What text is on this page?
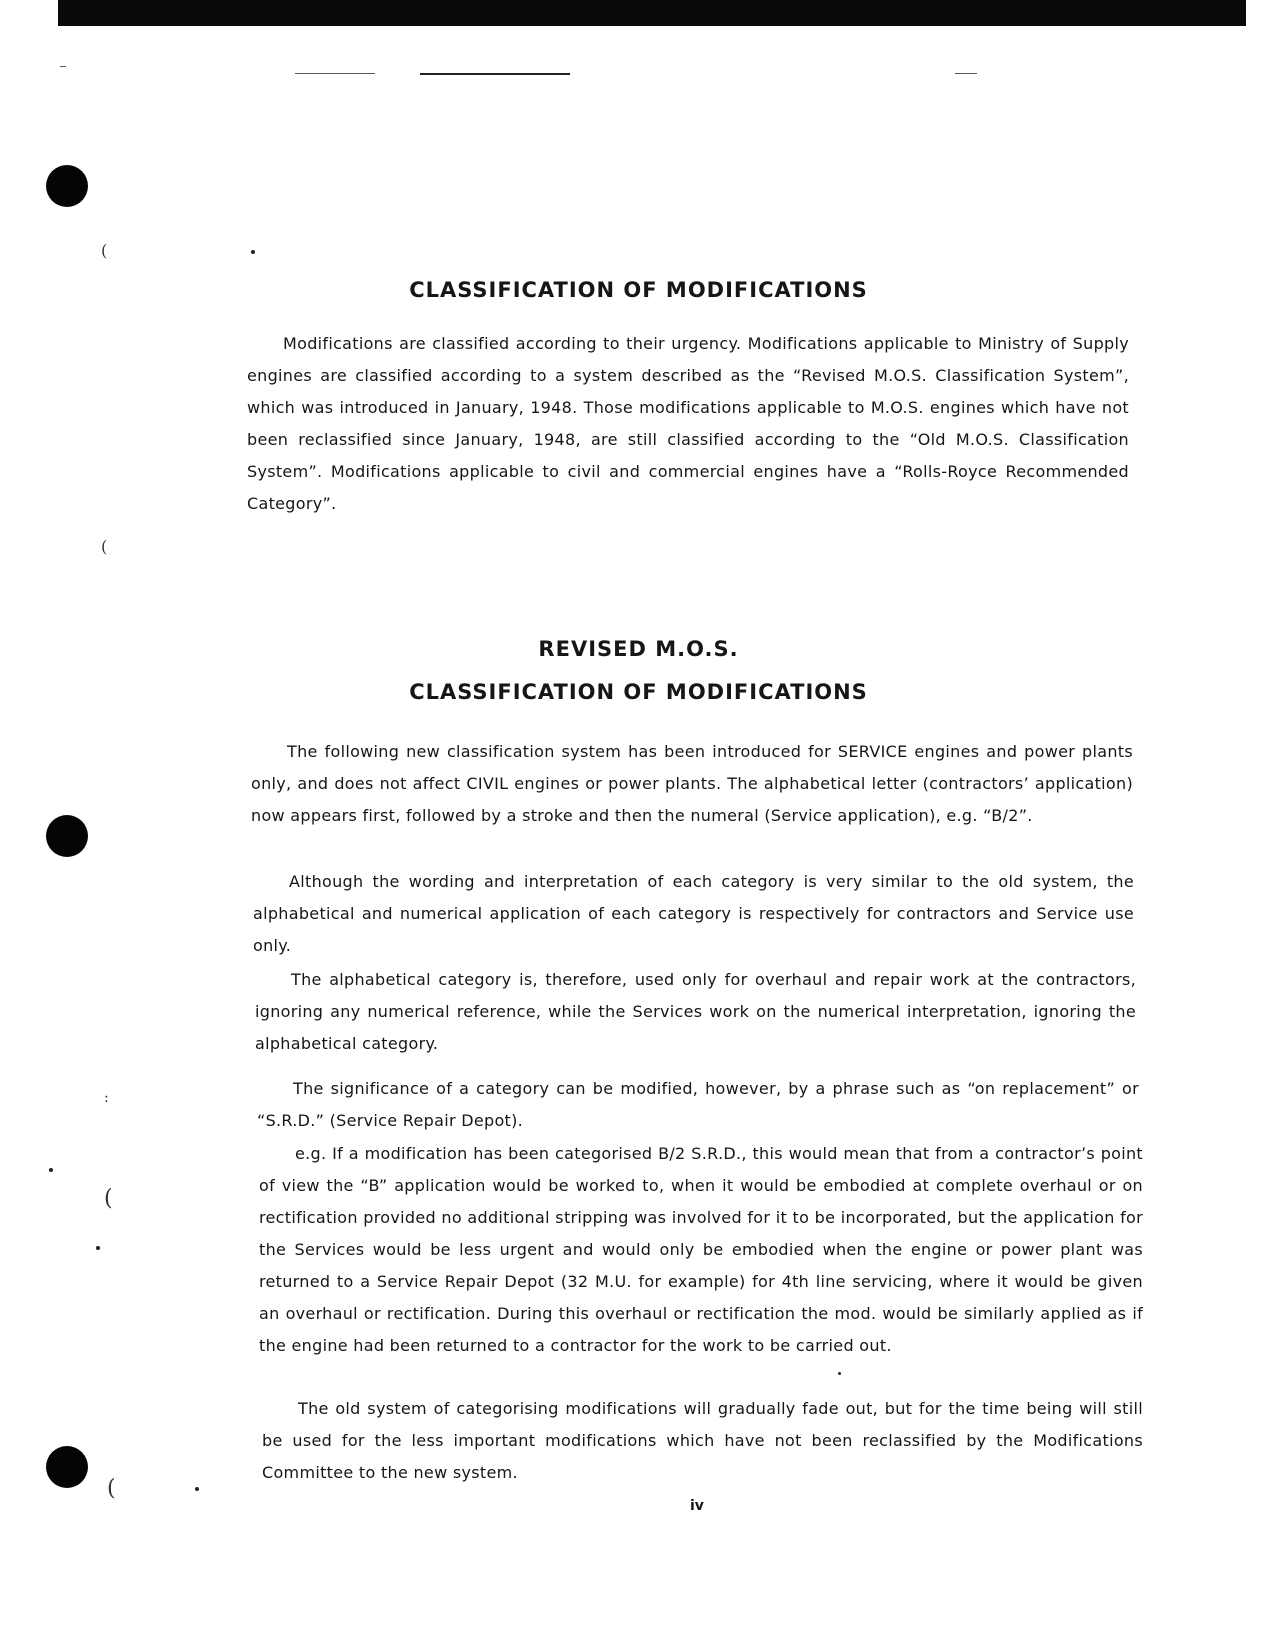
(
(
:
(
(
CLASSIFICATION OF MODIFICATIONS

Modifications are classified according to their urgency. Modifications applicable to Ministry of Supply engines are classified according to a system described as the “Revised M.O.S. Classification System”, which was introduced in January, 1948. Those modifications applicable to M.O.S. engines which have not been reclassified since January, 1948, are still classified according to the “Old M.O.S. Classification System”. Modifications applicable to civil and commercial engines have a “Rolls-Royce Recommended Category”.

REVISED M.O.S.
CLASSIFICATION OF MODIFICATIONS

The following new classification system has been introduced for SERVICE engines and power plants only, and does not affect CIVIL engines or power plants. The alphabetical letter (contractors’ application) now appears first, followed by a stroke and then the numeral (Service application), e.g. “B/2”.

Although the wording and interpretation of each category is very similar to the old system, the alphabetical and numerical application of each category is respectively for contractors and Service use only.

The alphabetical category is, therefore, used only for overhaul and repair work at the contractors, ignoring any numerical reference, while the Services work on the numerical interpretation, ignoring the alphabetical category.

The significance of a category can be modified, however, by a phrase such as “on replacement” or “S.R.D.” (Service Repair Depot).

e.g. If a modification has been categorised B/2 S.R.D., this would mean that from a contractor’s point of view the “B” application would be worked to, when it would be embodied at complete overhaul or on rectification provided no additional stripping was involved for it to be incorporated, but the application for the Services would be less urgent and would only be embodied when the engine or power plant was returned to a Service Repair Depot (32 M.U. for example) for 4th line servicing, where it would be given an overhaul or rectification. During this overhaul or rectification the mod. would be similarly applied as if the engine had been returned to a contractor for the work to be carried out.

The old system of categorising modifications will gradually fade out, but for the time being will still be used for the less important modifications which have not been reclassified by the Modifications Committee to the new system.

iv
